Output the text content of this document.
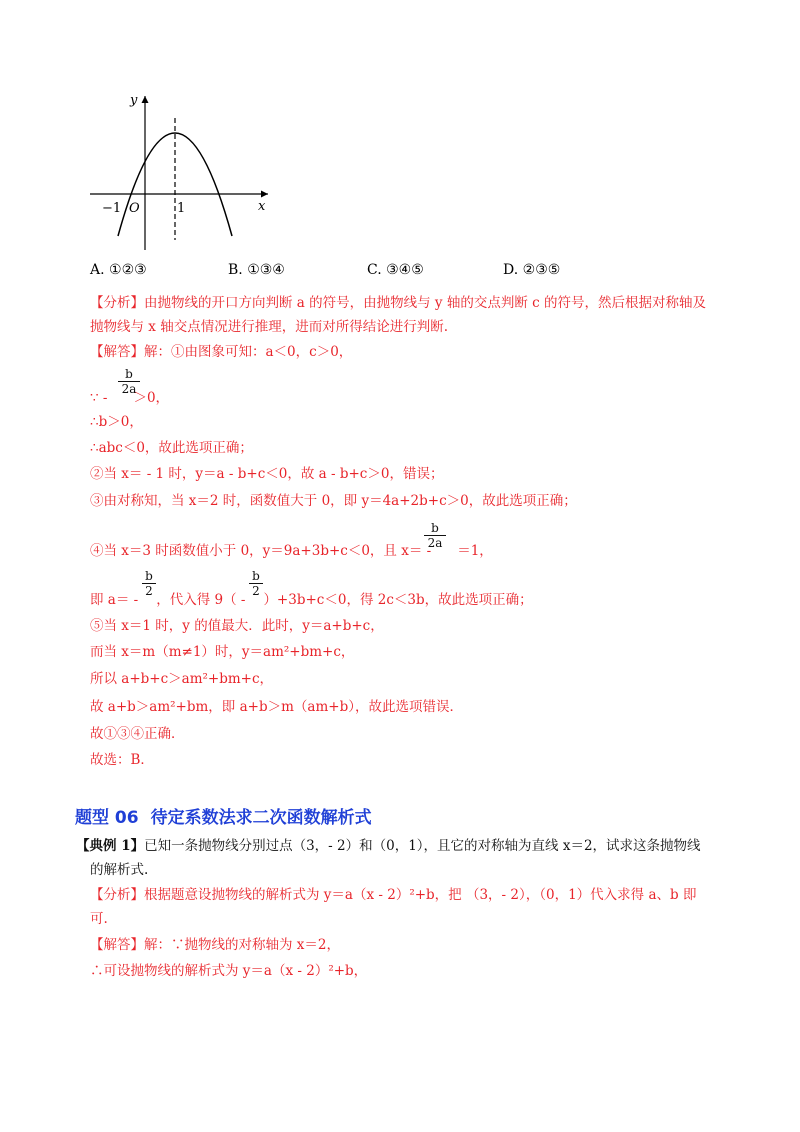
y
x
O
−1	1
A. ①②③	B. ①③④	C. ③④⑤	D. ②③⑤
【分析】由抛物线的开口方向判断 a 的符号，由抛物线与 y 轴的交点判断 c 的符号，然后根据对称轴及
抛物线与 x 轴交点情况进行推理，进而对所得结论进行判断.
【解答】解：①由图象可知：a＜0，c＞0，
b
2a
∵ - ＞0，
∴b＞0，
∴abc＜0，故此选项正确；
②当 x＝ - 1 时，y＝a - b+c＜0，故 a - b+c＞0，错误；
③由对称知，当 x＝2 时，函数值大于 0，即 y＝4a+2b+c＞0，故此选项正确；
b
2a
④当 x＝3 时函数值小于 0，y＝9a+3b+c＜0，且 x＝ - ＝1，
b
2
b
2
即 a＝ - ，代入得 9（ - ）+3b+c＜0，得 2c＜3b，故此选项正确；
⑤当 x＝1 时，y 的值最大．此时，y＝a+b+c，
而当 x＝m（m≠1）时，y＝am²+bm+c，
所以 a+b+c＞am²+bm+c，
故 a+b＞am²+bm，即 a+b＞m（am+b），故此选项错误．
故①③④正确．
故选：B．
题型 06 待定系数法求二次函数解析式
【典例 1】已知一条抛物线分别过点（3，- 2）和（0，1），且它的对称轴为直线 x＝2，试求这条抛物线
的解析式.
【分析】根据题意设抛物线的解析式为 y＝a（x - 2）²+b，把 （3，- 2），（0，1）代入求得 a、b 即
可.
【解答】解：∵抛物线的对称轴为 x＝2，
∴可设抛物线的解析式为 y＝a（x - 2）²+b，
